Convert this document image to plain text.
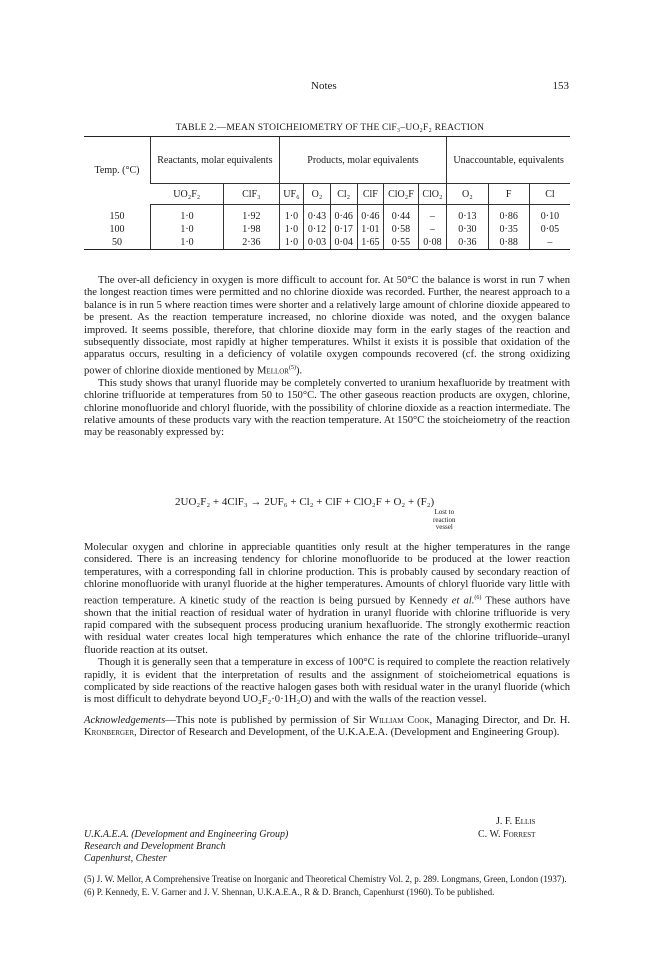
Notes	153
TABLE 2.—MEAN STOICHEIOMETRY OF THE ClF₃–UO₂F₂ REACTION
Temp. (°C)	Reactants, molar equivalents		Products, molar equivalents						Unaccountable, equivalents		
	UO₂F₂	ClF₃	UF₆	O₂	Cl₂	ClF	ClO₂F	ClO₂	O₂	F	Cl

150	1·0	1·92	1·0	0·43	0·46	0·46	0·44	–	0·13	0·86	0·10
100	1·0	1·98	1·0	0·12	0·17	1·01	0·58	–	0·30	0·35	0·05
50	1·0	2·36	1·0	0·03	0·04	1·65	0·55	0·08	0·36	0·88	–

The over-all deficiency in oxygen is more difficult to account for. At 50°C the balance is worst in run 7 when the longest reaction times were permitted and no chlorine dioxide was recorded. Further, the nearest approach to a balance is in run 5 where reaction times were shorter and a relatively large amount of chlorine dioxide appeared to be present. As the reaction temperature increased, no chlorine dioxide was noted, and the oxygen balance improved. It seems possible, therefore, that chlorine dioxide may form in the early stages of the reaction and subsequently dissociate, most rapidly at higher temperatures. Whilst it exists it is possible that oxidation of the apparatus occurs, resulting in a deficiency of volatile oxygen compounds recovered (cf. the strong oxidizing power of chlorine dioxide mentioned by Mellor$^{(5)}$).

This study shows that uranyl fluoride may be completely converted to uranium hexafluoride by treatment with chlorine trifluoride at temperatures from 50 to 150°C. The other gaseous reaction products are oxygen, chlorine, chlorine monofluoride and chloryl fluoride, with the possibility of chlorine dioxide as a reaction intermediate. The relative amounts of these products vary with the reaction temperature. At 150°C the stoicheiometry of the reaction may be reasonably expressed by:

2UO₂F₂ + 4ClF₃ → 2UF₆ + Cl₂ + ClF + ClO₂F + O₂ + (F₂)
Lost to
reaction
vessel

Molecular oxygen and chlorine in appreciable quantities only result at the higher temperatures in the range considered. There is an increasing tendency for chlorine monofluoride to be produced at the lower reaction temperatures, with a corresponding fall in chlorine production. This is probably caused by secondary reaction of chlorine monofluoride with uranyl fluoride at the higher temperatures. Amounts of chloryl fluoride vary little with reaction temperature. A kinetic study of the reaction is being pursued by Kennedy et al.$^{(6)}$ These authors have shown that the initial reaction of residual water of hydration in uranyl fluoride with chlorine trifluoride is very rapid compared with the subsequent process producing uranium hexafluoride. The strongly exothermic reaction with residual water creates local high temperatures which enhance the rate of the chlorine trifluoride–uranyl fluoride reaction at its outset.

Though it is generally seen that a temperature in excess of 100°C is required to complete the reaction relatively rapidly, it is evident that the interpretation of results and the assignment of stoicheiometrical equations is complicated by side reactions of the reactive halogen gases both with residual water in the uranyl fluoride (which is most difficult to dehydrate beyond UO₂F₂·0·1H₂O) and with the walls of the reaction vessel.

Acknowledgements—This note is published by permission of Sir William Cook, Managing Director, and Dr. H. Kronberger, Director of Research and Development, of the U.K.A.E.A. (Development and Engineering Group).

J. F. Ellis
C. W. Forrest
U.K.A.E.A. (Development and Engineering Group)
Research and Development Branch
Capenhurst, Chester
(5) J. W. Mellor, A Comprehensive Treatise on Inorganic and Theoretical Chemistry Vol. 2, p. 289. Longmans, Green, London (1937).
(6) P. Kennedy, E. V. Garner and J. V. Shennan, U.K.A.E.A., R & D. Branch, Capenhurst (1960). To be published.
